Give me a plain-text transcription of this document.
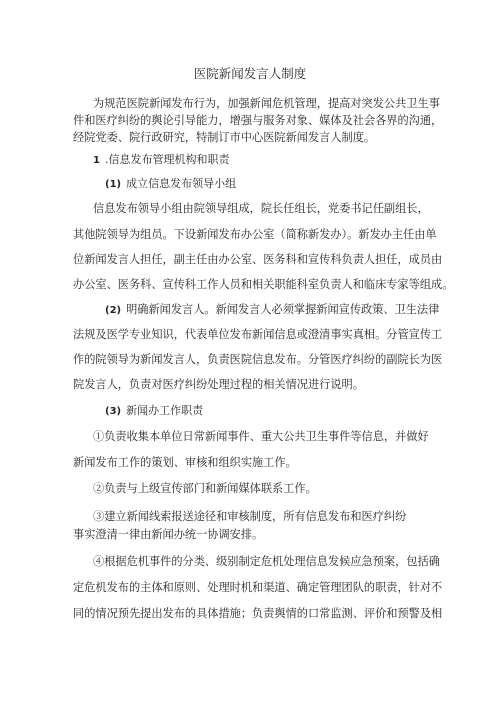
医院新闻发言人制度
为规范医院新闻发布行为，加强新闻危机管理，提高对突发公共卫生事
件和医疗纠纷的舆论引导能力，增强与服务对象、媒体及社会各界的沟通，
经院党委、院行政研究，特制订市中心医院新闻发言人制度。
1 .信息发布管理机构和职责
(1) 成立信息发布领导小组
信息发布领导小组由院领导组成，院长任组长，党委书记任副组长，
其他院领导为组员。下设新闻发布办公室（简称新发办）。新发办主任由单
位新闻发言人担任，副主任由办公室、医务科和宣传科负责人担任，成员由
办公室、医务科、宣传科工作人员和相关职能科室负责人和临床专家等组成。
(2) 明确新闻发言人。新闻发言人必须掌握新闻宣传政策、卫生法律
法规及医学专业知识，代表单位发布新闻信息或澄清事实真相。分管宣传工
作的院领导为新闻发言人，负责医院信息发布。分管医疗纠纷的副院长为医
院发言人，负责对医疗纠纷处理过程的相关情况进行说明。
(3) 新闻办工作职责
①负责收集本单位日常新闻事件、重大公共卫生事件等信息，并做好
新闻发布工作的策划、审核和组织实施工作。
②负责与上级宣传部门和新闻媒体联系工作。
③建立新闻线索报送途径和审核制度，所有信息发布和医疗纠纷
事实澄清一律由新闻办统一协调安排。
④根据危机事件的分类、级别制定危机处理信息发候应急预案，包括确
定危机发布的主体和原则、处理时机和渠道、确定管理团队的职责，针对不
同的情况预先提出发布的具体措施；负责舆情的口常监测、评价和预警及相
